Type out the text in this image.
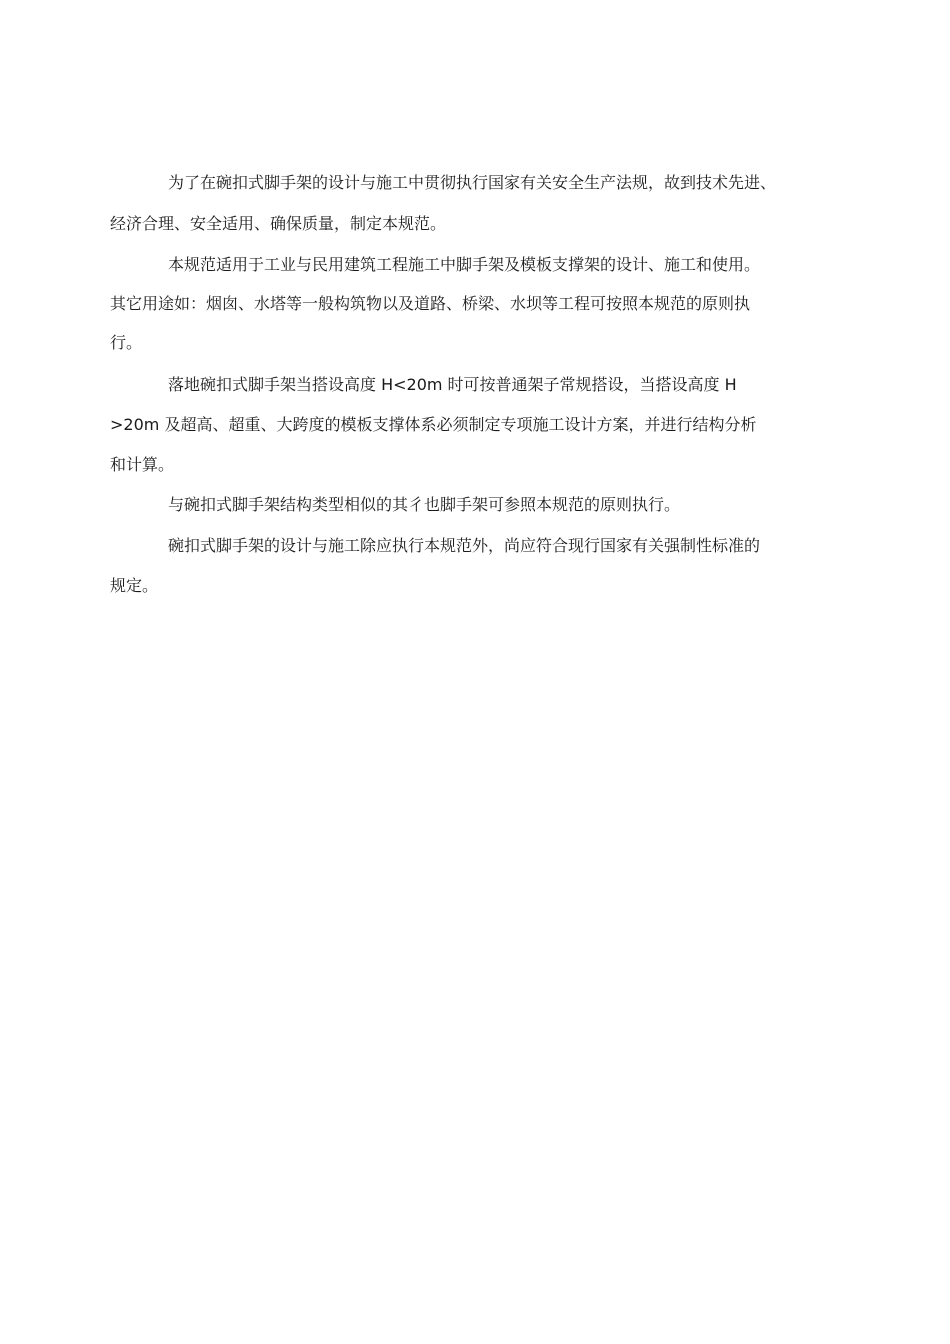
为了在碗扣式脚手架的设计与施工中贯彻执行国家有关安全生产法规，故到技术先进、
经济合理、安全适用、确保质量，制定本规范。
本规范适用于工业与民用建筑工程施工中脚手架及模板支撑架的设计、施工和使用。
其它用途如：烟囱、水塔等一般构筑物以及道路、桥梁、水坝等工程可按照本规范的原则执
行。
落地碗扣式脚手架当搭设高度 H<20m 时可按普通架子常规搭设，当搭设高度 H
>20m 及超高、超重、大跨度的模板支撑体系必须制定专项施工设计方案，并进行结构分析
和计算。
与碗扣式脚手架结构类型相似的其彳也脚手架可参照本规范的原则执行。
碗扣式脚手架的设计与施工除应执行本规范外，尚应符合现行国家有关强制性标准的
规定。
